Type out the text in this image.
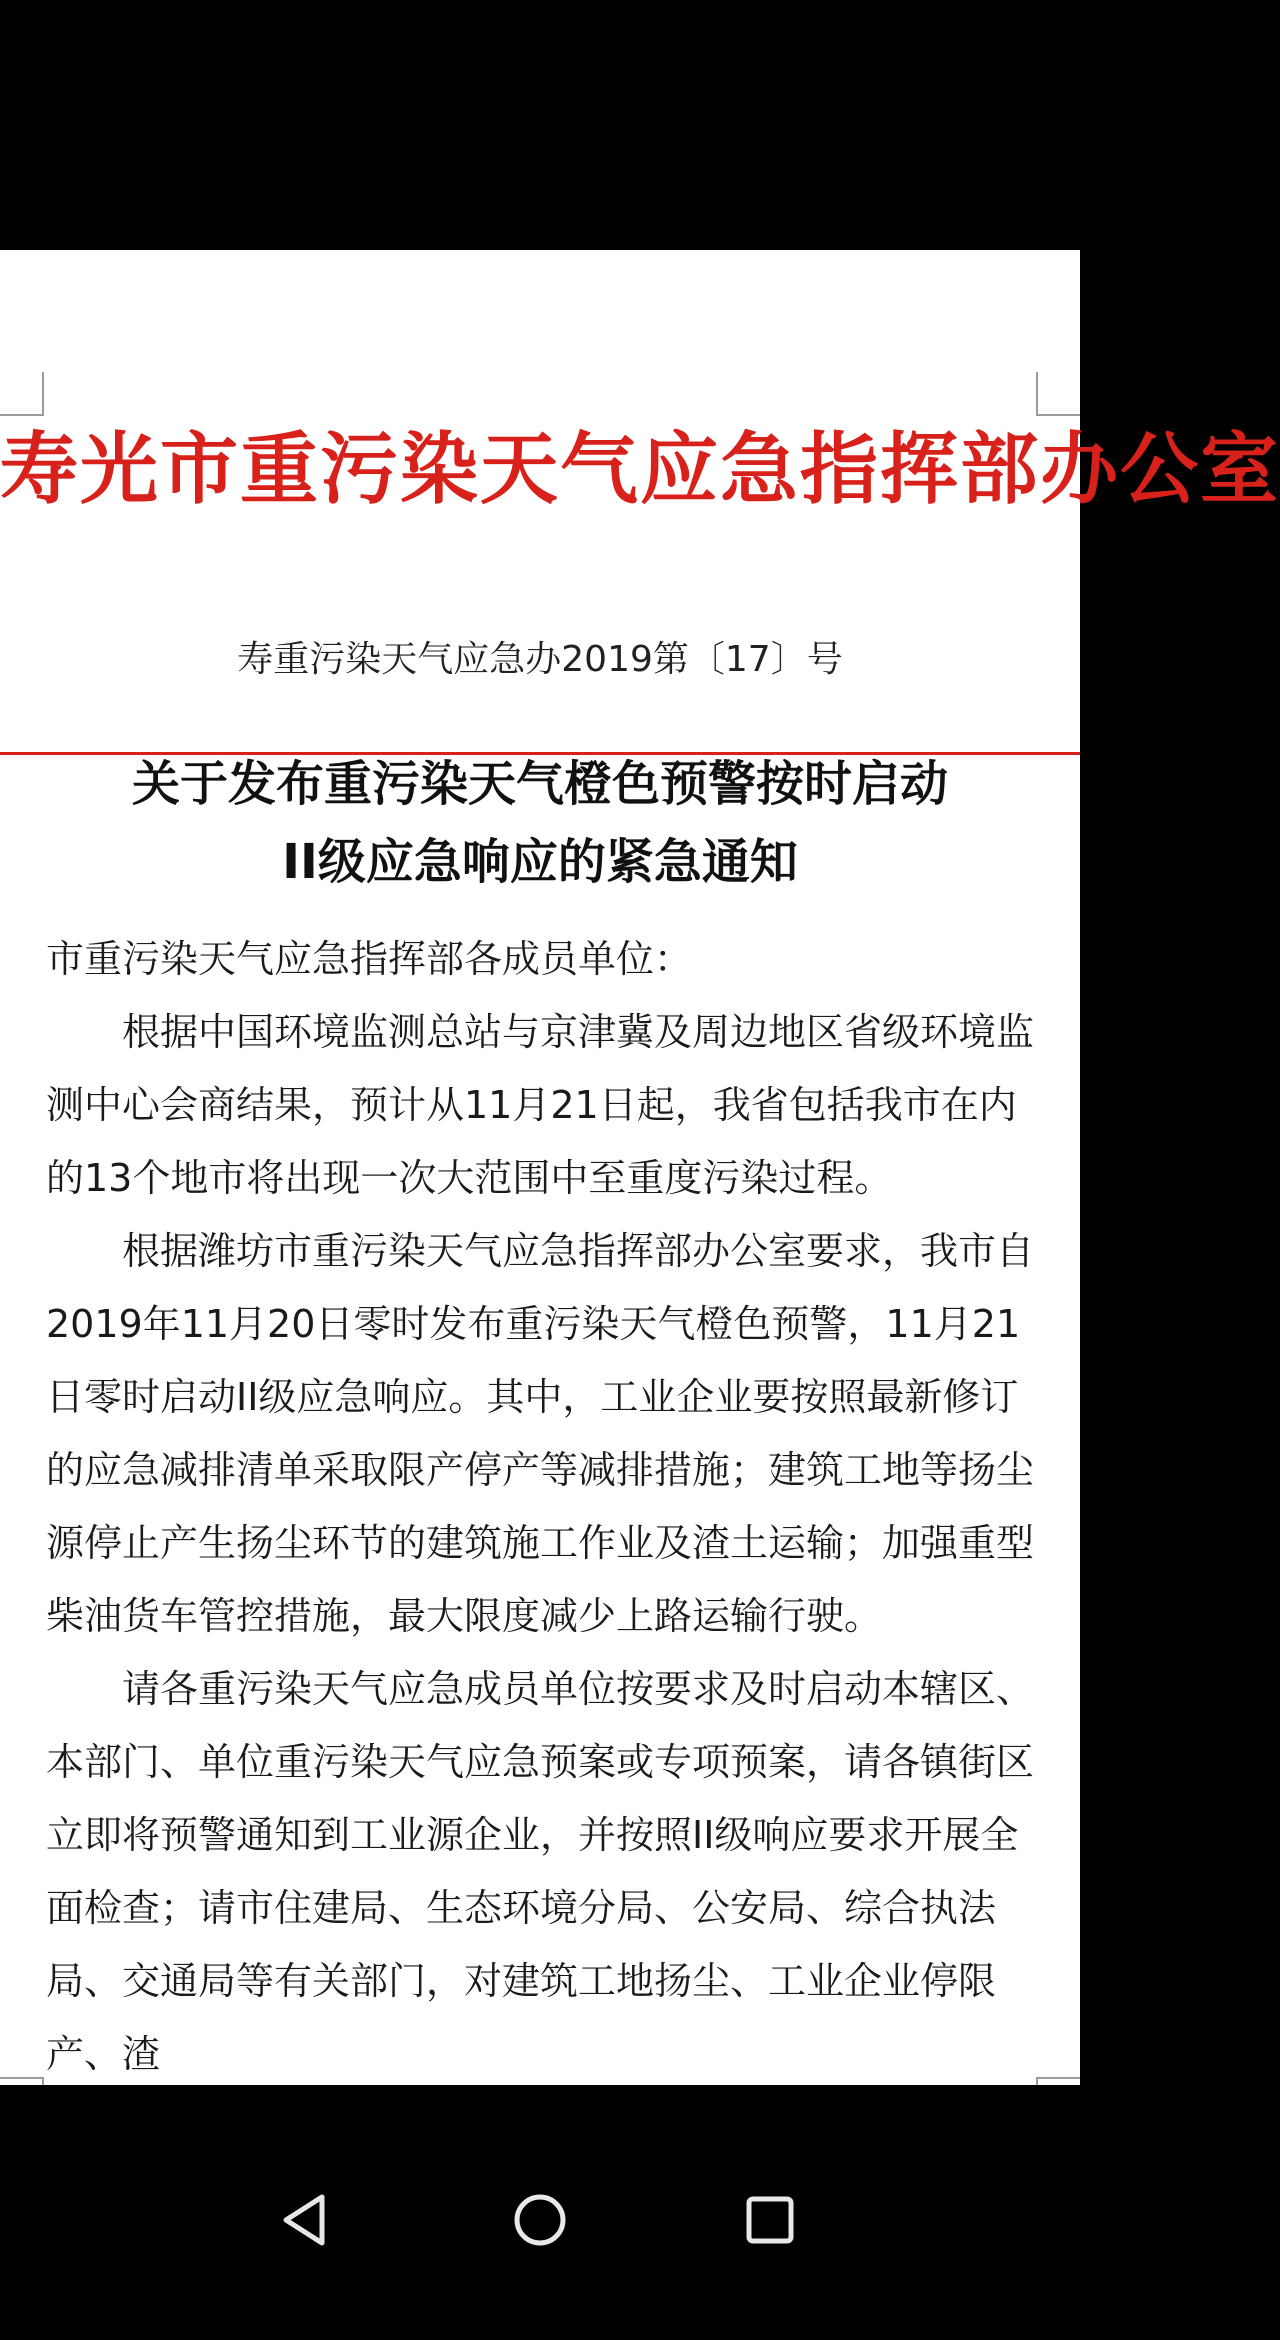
寿光市重污染天气应急指挥部办公室
寿重污染天气应急办2019第〔17〕号
关于发布重污染天气橙色预警按时启动
II级应急响应的紧急通知

市重污染天气应急指挥部各成员单位：

根据中国环境监测总站与京津冀及周边地区省级环境监测中心会商结果，预计从11月21日起，我省包括我市在内的13个地市将出现一次大范围中至重度污染过程。

根据潍坊市重污染天气应急指挥部办公室要求，我市自2019年11月20日零时发布重污染天气橙色预警，11月21日零时启动II级应急响应。其中，工业企业要按照最新修订的应急减排清单采取限产停产等减排措施；建筑工地等扬尘源停止产生扬尘环节的建筑施工作业及渣土运输；加强重型柴油货车管控措施，最大限度减少上路运输行驶。

请各重污染天气应急成员单位按要求及时启动本辖区、本部门、单位重污染天气应急预案或专项预案，请各镇街区立即将预警通知到工业源企业，并按照II级响应要求开展全面检查；请市住建局、生态环境分局、公安局、综合执法局、交通局等有关部门，对建筑工地扬尘、工业企业停限产、渣
